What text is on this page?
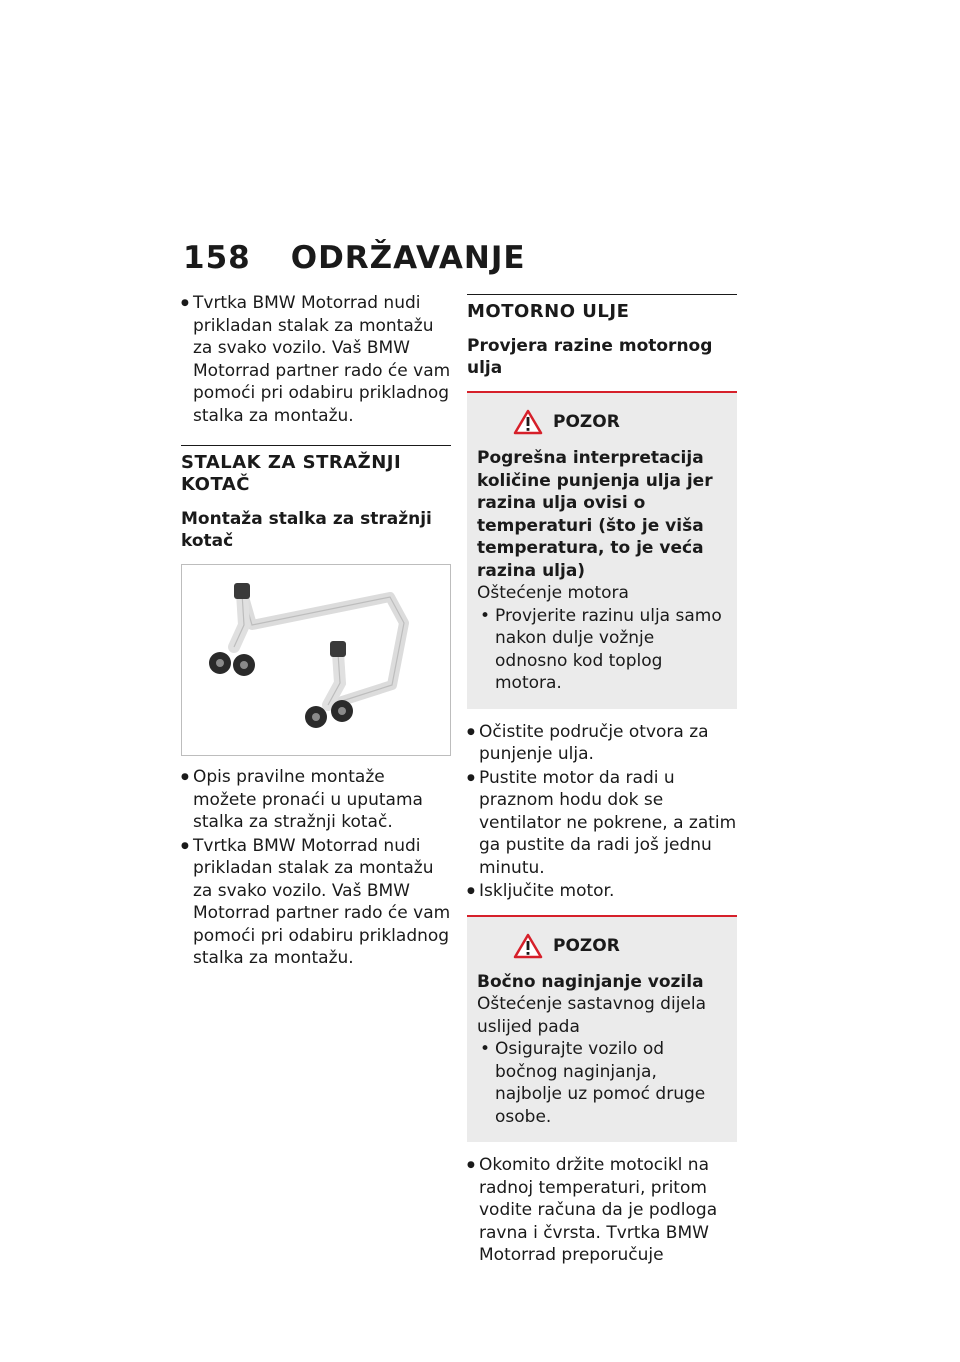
158 ODRŽAVANJE
● Tvrtka BMW Motorrad nudi prikladan stalak za montažu za svako vozilo. Vaš BMW Motorrad partner rado će vam pomoći pri odabiru prikladnog stalka za montažu.
STALAK ZA STRAŽNJI KOTAČ
Montaža stalka za stražnji kotač
● Opis pravilne montaže možete pronaći u uputama stalka za stražnji kotač.
● Tvrtka BMW Motorrad nudi prikladan stalak za montažu za svako vozilo. Vaš BMW Motorrad partner rado će vam pomoći pri odabiru prikladnog stalka za montažu.
MOTORNO ULJE
Provjera razine motornog ulja
POZOR
Pogrešna interpretacija količine punjenja ulja jer razina ulja ovisi o temperaturi (što je viša temperatura, to je veća razina ulja)
Oštećenje motora
• Provjerite razinu ulja samo nakon dulje vožnje odnosno kod toplog motora.
● Očistite područje otvora za punjenje ulja.
● Pustite motor da radi u praznom hodu dok se ventilator ne pokrene, a zatim ga pustite da radi još jednu minutu.
● Isključite motor.
POZOR
Bočno naginjanje vozila
Oštećenje sastavnog dijela uslijed pada
• Osigurajte vozilo od bočnog naginjanja, najbolje uz pomoć druge osobe.
● Okomito držite motocikl na radnoj temperaturi, pritom vodite računa da je podloga ravna i čvrsta. Tvrtka BMW Motorrad preporučuje
